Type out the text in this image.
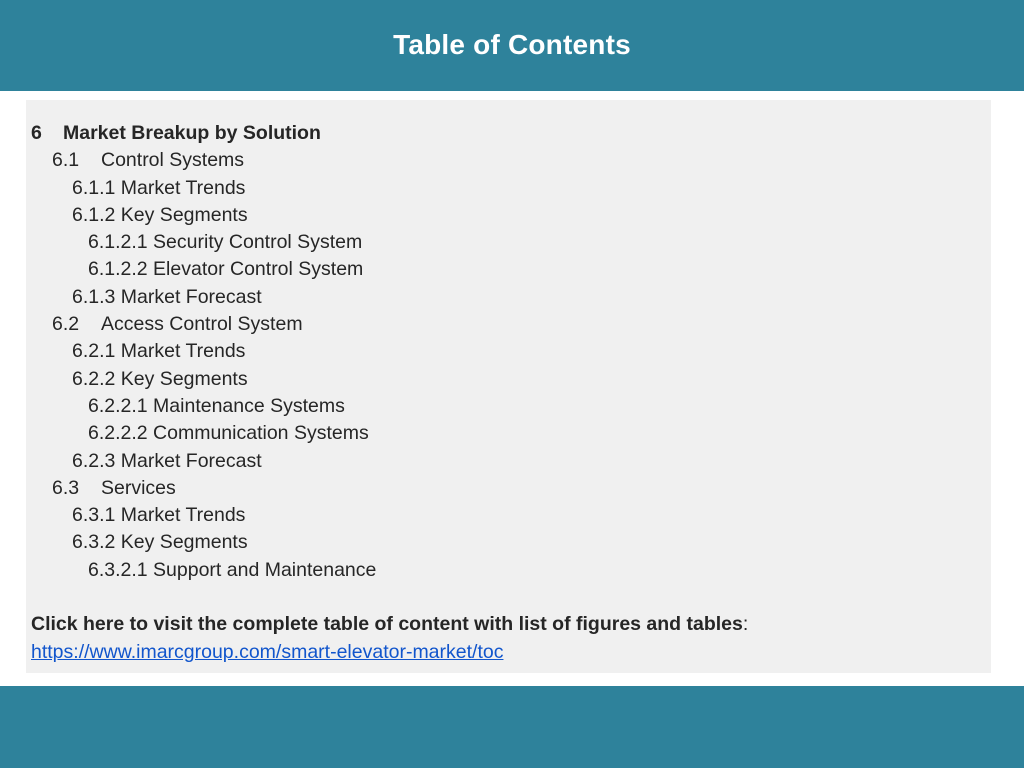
Table of Contents
6 Market Breakup by Solution
6.1 Control Systems
6.1.1 Market Trends
6.1.2 Key Segments
6.1.2.1 Security Control System
6.1.2.2 Elevator Control System
6.1.3 Market Forecast
6.2 Access Control System
6.2.1 Market Trends
6.2.2 Key Segments
6.2.2.1 Maintenance Systems
6.2.2.2 Communication Systems
6.2.3 Market Forecast
6.3 Services
6.3.1 Market Trends
6.3.2 Key Segments
6.3.2.1 Support and Maintenance
Click here to visit the complete table of content with list of figures and tables:
https://www.imarcgroup.com/smart-elevator-market/toc
